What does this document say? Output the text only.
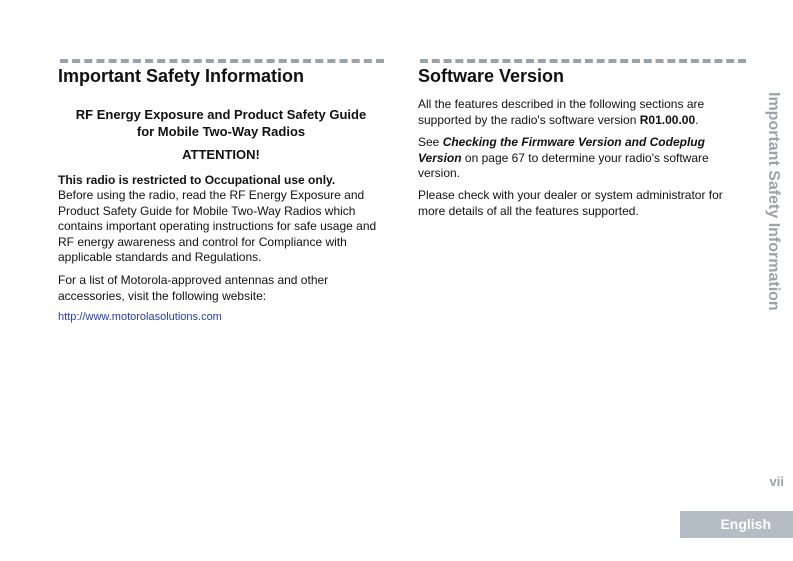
Important Safety Information
RF Energy Exposure and Product Safety Guide
for Mobile Two-Way Radios
ATTENTION!

This radio is restricted to Occupational use only.

Before using the radio, read the RF Energy Exposure and Product Safety Guide for Mobile Two-Way Radios which contains important operating instructions for safe usage and RF energy awareness and control for Compliance with applicable standards and Regulations.

For a list of Motorola-approved antennas and other accessories, visit the following website:

http://www.motorolasolutions.com

Software Version

All the features described in the following sections are supported by the radio's software version R01.00.00.

See Checking the Firmware Version and Codeplug Version on page 67 to determine your radio's software version.

Please check with your dealer or system administrator for more details of all the features supported.	Important Safety Information
vii
English
